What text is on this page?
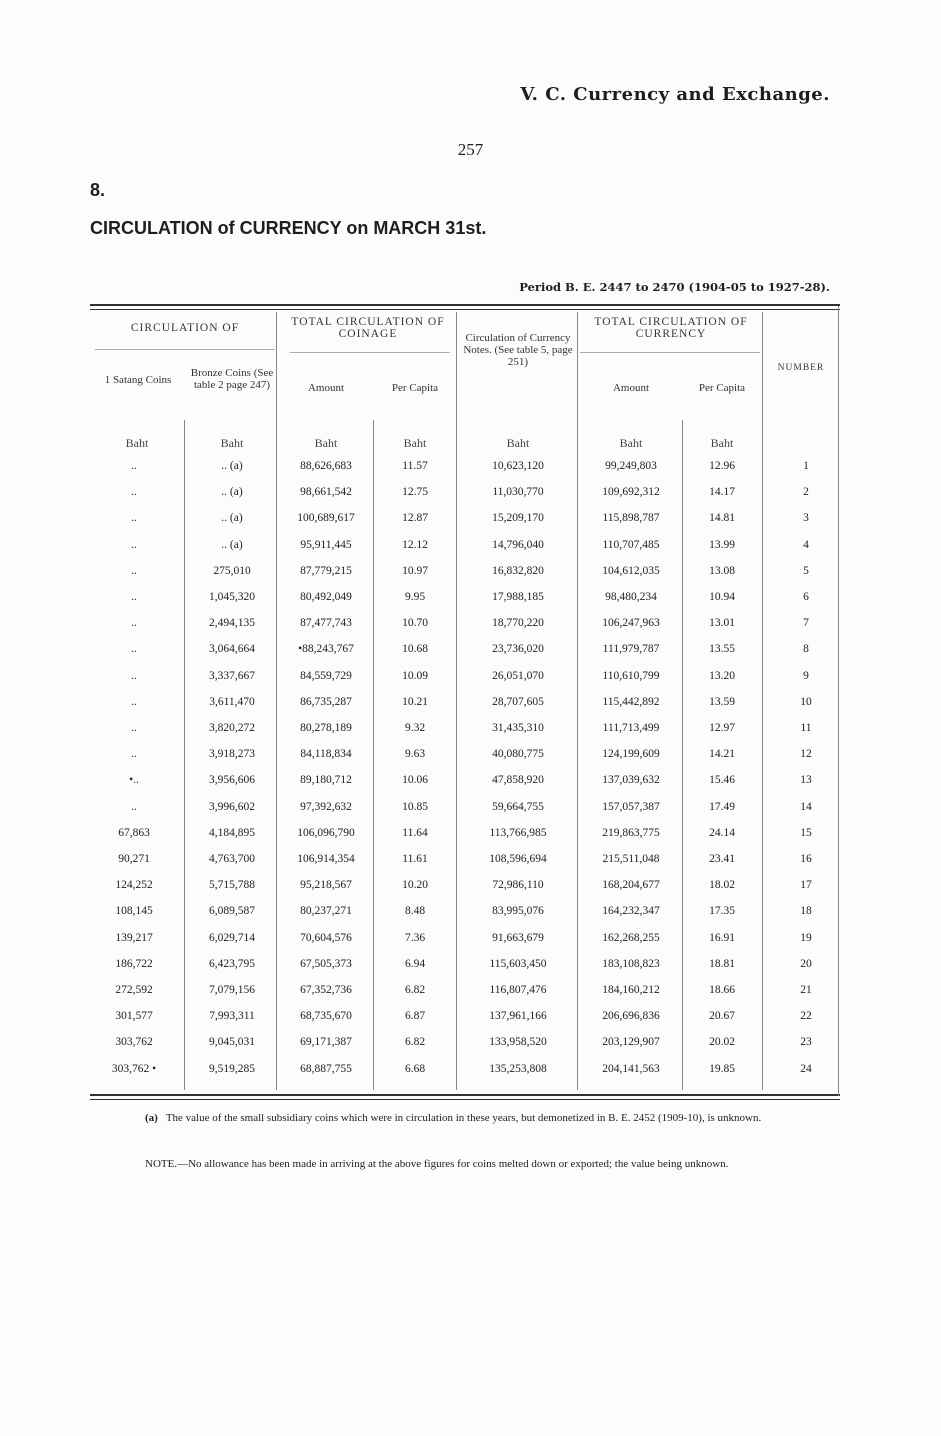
V. C. Currency and Exchange.
257
8.
CIRCULATION of CURRENCY on MARCH 31st.
Period B. E. 2447 to 2470 (1904-05 to 1927-28).
CIRCULATION OF
1 Satang Coins
Bronze Coins (See table 2 page 247)
TOTAL CIRCULATION OF COINAGE
Amount	Per Capita
Circulation of Currency Notes. (See table 5, page 251)
TOTAL CIRCULATION OF CURRENCY
Amount	Per Capita
NUMBER
Baht	Baht	Baht	Baht	Baht	Baht	Baht
..	.. (a)	88,626,683	11.57	10,623,120	99,249,803	12.96	1
..	.. (a)	98,661,542	12.75	11,030,770	109,692,312	14.17	2
..	.. (a)	100,689,617	12.87	15,209,170	115,898,787	14.81	3
..	.. (a)	95,911,445	12.12	14,796,040	110,707,485	13.99	4
..	275,010	87,779,215	10.97	16,832,820	104,612,035	13.08	5
..	1,045,320	80,492,049	9.95	17,988,185	98,480,234	10.94	6
..	2,494,135	87,477,743	10.70	18,770,220	106,247,963	13.01	7
..	3,064,664	•88,243,767	10.68	23,736,020	111,979,787	13.55	8
..	3,337,667	84,559,729	10.09	26,051,070	110,610,799	13.20	9
..	3,611,470	86,735,287	10.21	28,707,605	115,442,892	13.59	10
..	3,820,272	80,278,189	9.32	31,435,310	111,713,499	12.97	11
..	3,918,273	84,118,834	9.63	40,080,775	124,199,609	14.21	12
•..	3,956,606	89,180,712	10.06	47,858,920	137,039,632	15.46	13
..	3,996,602	97,392,632	10.85	59,664,755	157,057,387	17.49	14
67,863	4,184,895	106,096,790	11.64	113,766,985	219,863,775	24.14	15
90,271	4,763,700	106,914,354	11.61	108,596,694	215,511,048	23.41	16
124,252	5,715,788	95,218,567	10.20	72,986,110	168,204,677	18.02	17
108,145	6,089,587	80,237,271	8.48	83,995,076	164,232,347	17.35	18
139,217	6,029,714	70,604,576	7.36	91,663,679	162,268,255	16.91	19
186,722	6,423,795	67,505,373	6.94	115,603,450	183,108,823	18.81	20
272,592	7,079,156	67,352,736	6.82	116,807,476	184,160,212	18.66	21
301,577	7,993,311	68,735,670	6.87	137,961,166	206,696,836	20.67	22
303,762	9,045,031	69,171,387	6.82	133,958,520	203,129,907	20.02	23
303,762 •	9,519,285	68,887,755	6.68	135,253,808	204,141,563	19.85	24
(a) The value of the small subsidiary coins which were in circulation in these years, but demonetized in B. E. 2452 (1909-10), is unknown.
NOTE.—No allowance has been made in arriving at the above figures for coins melted down or exported; the value being unknown.
